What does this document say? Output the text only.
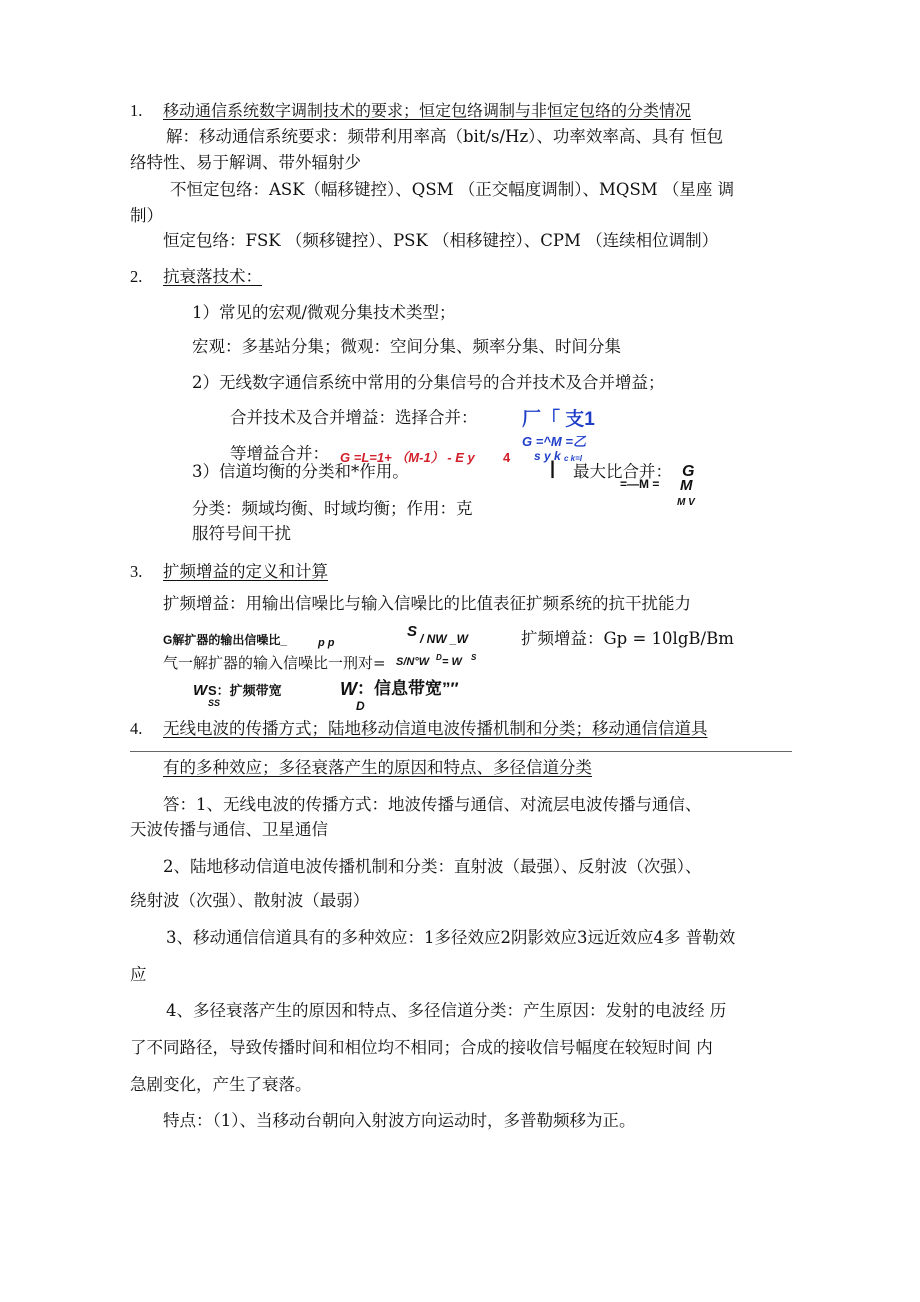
1. 移动通信系统数字调制技术的要求；恒定包络调制与非恒定包络的分类情况
解：移动通信系统要求：频带利用率高（bit/s/Hz）、功率效率高、具有 恒包
络特性、易于解调、带外辐射少
不恒定包络：ASK（幅移键控）、QSM （正交幅度调制）、MQSM （星座 调
制）
恒定包络：FSK （频移键控）、PSK （相移键控）、CPM （连续相位调制）
2. 抗衰落技术：
1）常见的宏观/微观分集技术类型；
宏观：多基站分集；微观：空间分集、频率分集、时间分集
2）无线数字通信系统中常用的分集信号的合并技术及合并增益；
合并技术及合并增益：选择合并： 厂「 支1
G =^M =乙
等增益合并： G =L=1+ （M-1） - E y 4 s y k c k=l
3）信道均衡的分类和*作用。	| 最大比合并： G
=—M = M
M V
分类：频域均衡、时域均衡；作用：克
服符号间干扰
3. 扩频增益的定义和计算
扩频增益：用输出信噪比与输入信噪比的比值表征扩频系统的抗干扰能力
G解扩器的输出信噪比_	p p
S / NW _W	扩频增益：Gp = 10lgB/Bm
气一解扩器的输入信噪比一刑对= S/N°W D = W S
W S：扩频带宽
SS
W ：信息带宽”″
D
4. 无线电波的传播方式；陆地移动信道电波传播机制和分类；移动通信信道具
有的多种效应；多径衰落产生的原因和特点、多径信道分类
答：1、无线电波的传播方式：地波传播与通信、对流层电波传播与通信、
天波传播与通信、卫星通信
2、陆地移动信道电波传播机制和分类：直射波（最强）、反射波（次强）、
绕射波（次强）、散射波（最弱）
3、移动通信信道具有的多种效应：1多径效应2阴影效应3远近效应4多 普勒效
应
4、多径衰落产生的原因和特点、多径信道分类：产生原因：发射的电波经 历
了不同路径，导致传播时间和相位均不相同；合成的接收信号幅度在较短时间 内
急剧变化，产生了衰落。
特点：（1）、当移动台朝向入射波方向运动时，多普勒频移为正。
